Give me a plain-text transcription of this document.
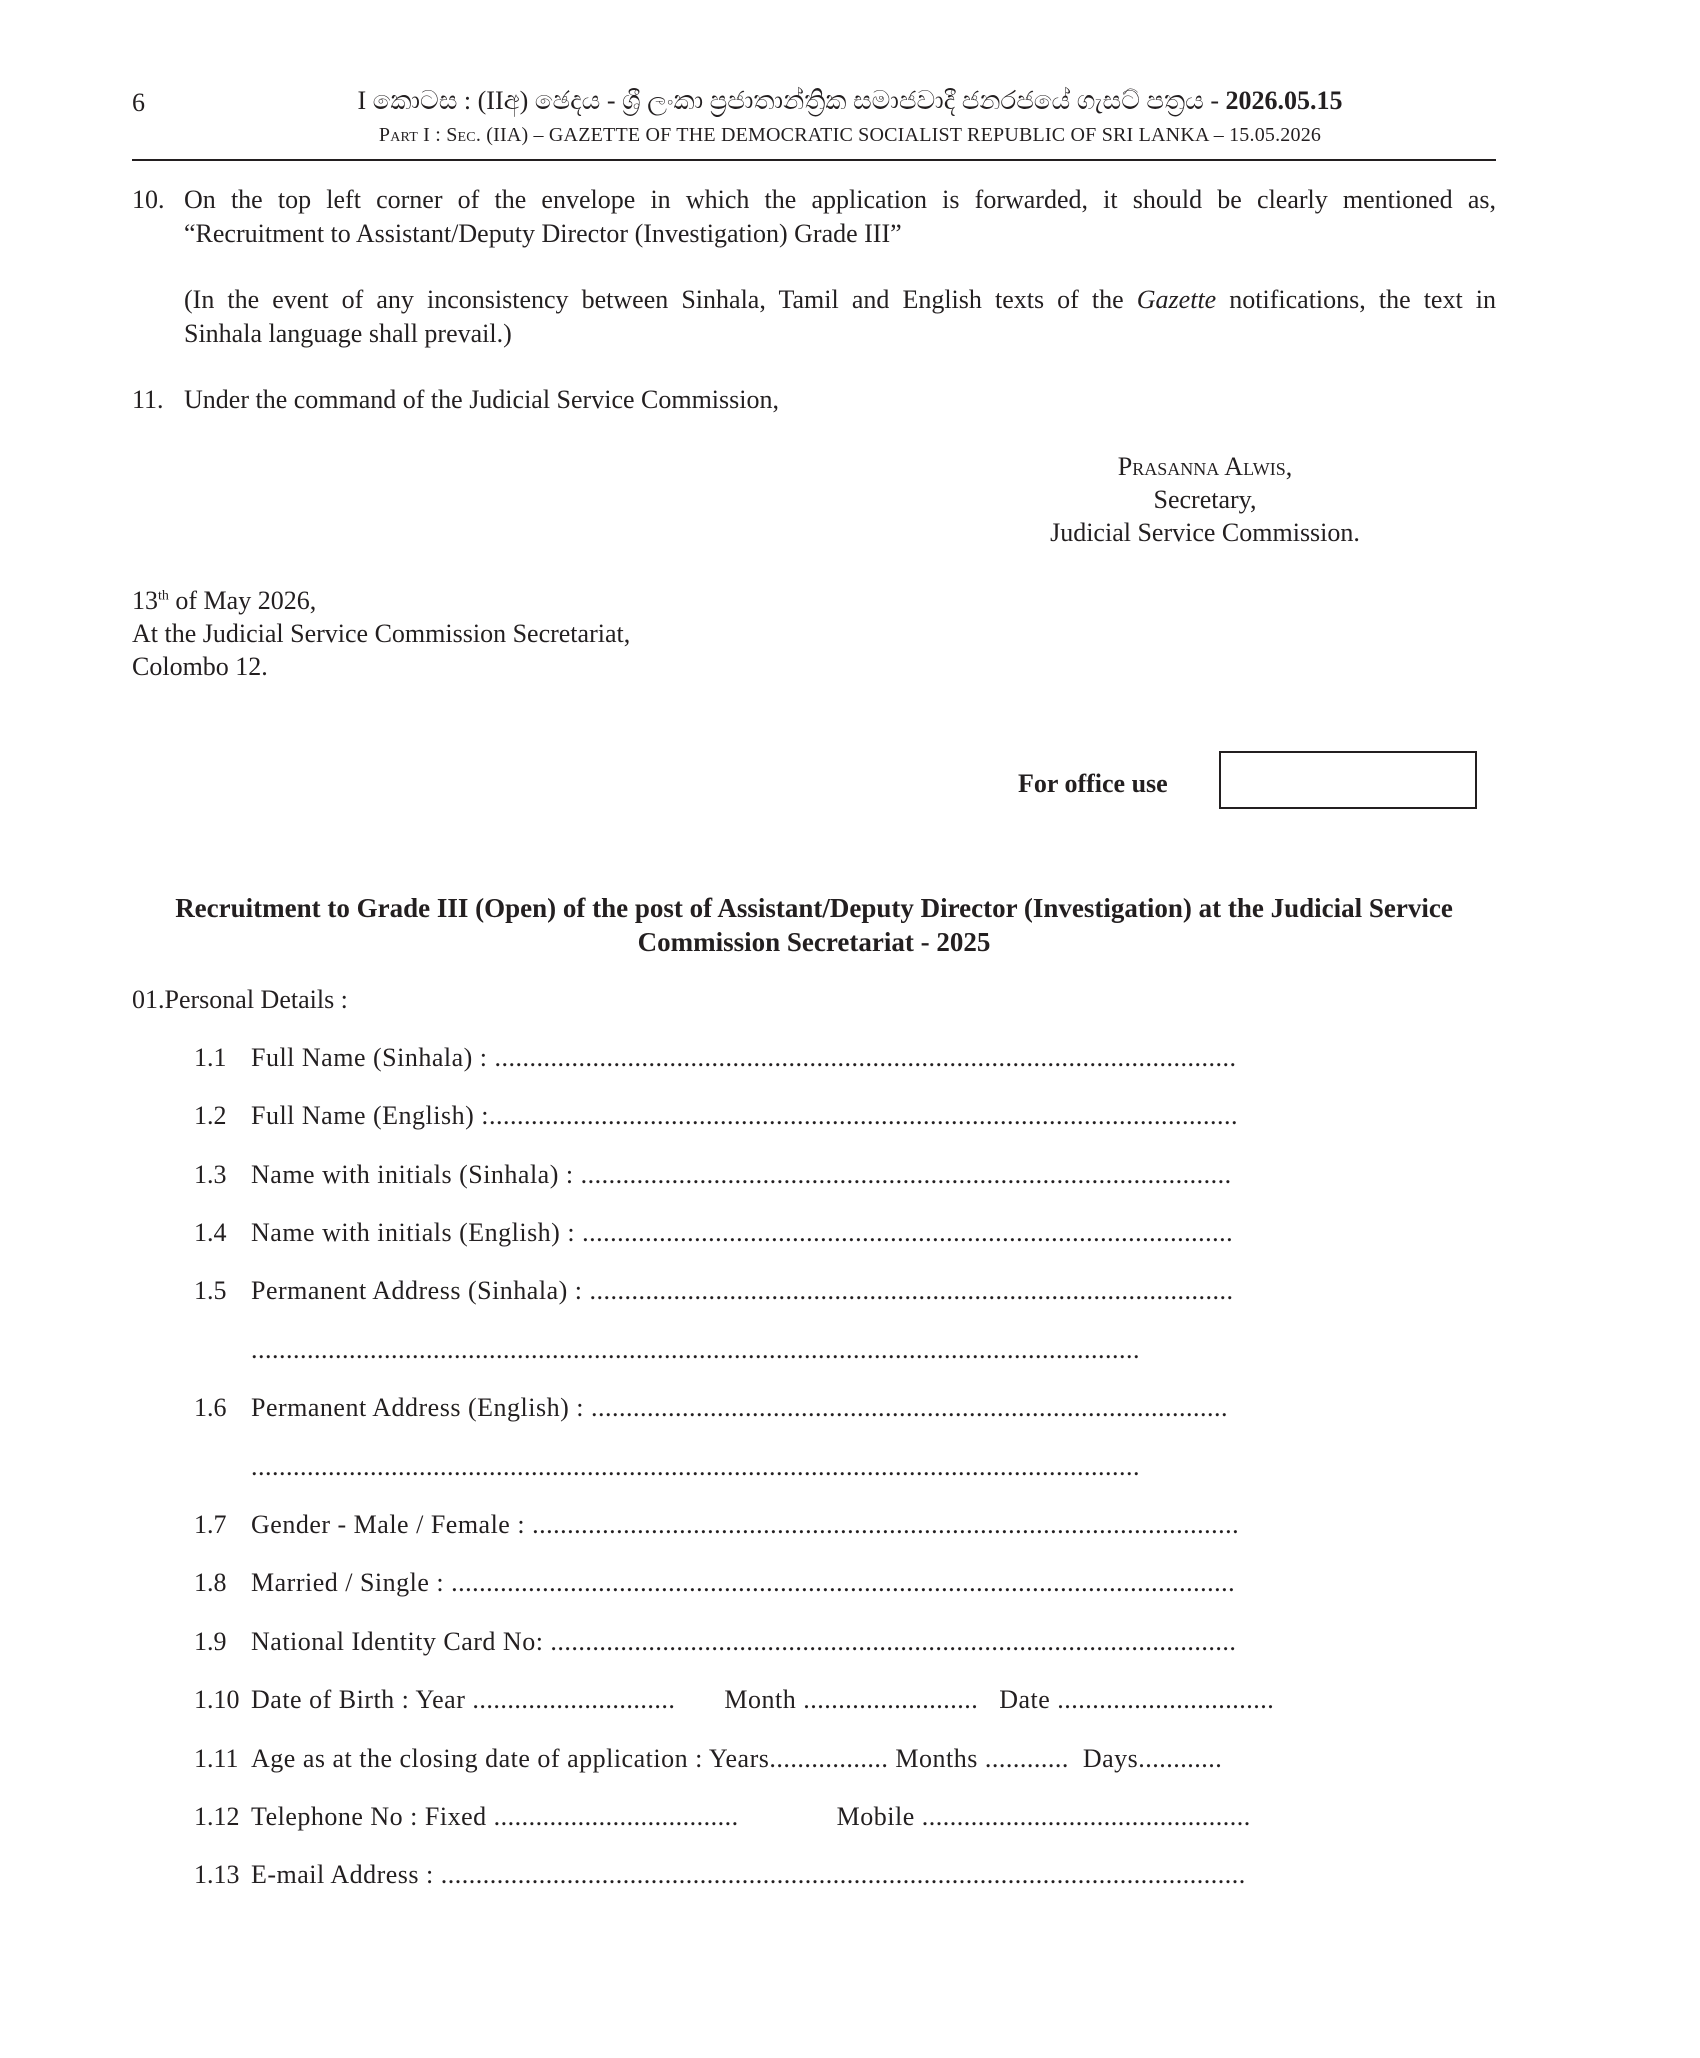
6	I කොටස : (IIඅ) ඡෙදය - ශ්‍රී ලංකා ප්‍රජාතාන්ත්‍රික සමාජවාදී ජනරජයේ ගැසට් පත්‍රය - 2026.05.15
Part I : Sec. (IIA) – GAZETTE OF THE DEMOCRATIC SOCIALIST REPUBLIC OF SRI LANKA – 15.05.2026
10. On the top left corner of the envelope in which the application is forwarded, it should be clearly mentioned as,
“Recruitment to Assistant/Deputy Director (Investigation) Grade III”
(In the event of any inconsistency between Sinhala, Tamil and English texts of the Gazette notifications, the text in
Sinhala language shall prevail.)
11. Under the command of the Judicial Service Commission,
Prasanna Alwis,
Secretary,
Judicial Service Commission.
13th of May 2026,
At the Judicial Service Commission Secretariat,
Colombo 12.
For office use
Recruitment to Grade III (Open) of the post of Assistant/Deputy Director (Investigation) at the Judicial Service
Commission Secretariat - 2025
01.Personal Details :
1.1 Full Name (Sinhala) : ..........................................................................................................
1.2 Full Name (English) :...........................................................................................................
1.3 Name with initials (Sinhala) : .............................................................................................
1.4 Name with initials (English) : .............................................................................................
1.5 Permanent Address (Sinhala) : ............................................................................................
...............................................................................................................................
1.6 Permanent Address (English) : ...........................................................................................
...............................................................................................................................
1.7 Gender - Male / Female : .....................................................................................................
1.8 Married / Single : ................................................................................................................
1.9 National Identity Card No: ..................................................................................................
1.10 Date of Birth : Year .............................       Month .........................   Date ...............................
1.11 Age as at the closing date of application : Years................. Months ............  Days............
1.12 Telephone No : Fixed ...................................              Mobile ...............................................
1.13 E-mail Address : ...................................................................................................................
